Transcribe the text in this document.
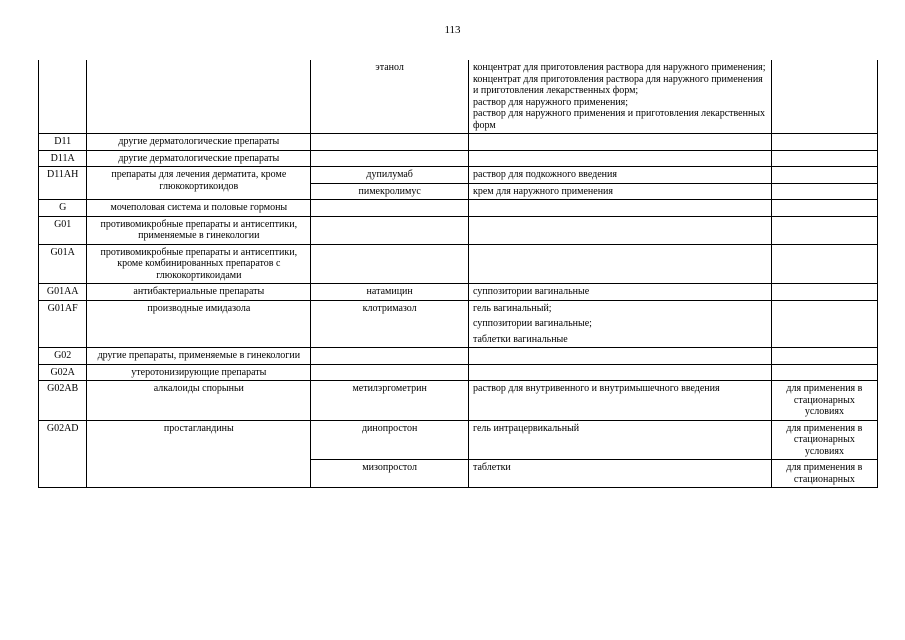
113
		этанол	концентрат для приготовления раствора для наружного применения;
концентрат для приготовления раствора для наружного применения и приготовления лекарственных форм;
раствор для наружного применения;
раствор для наружного применения и приготовления лекарственных форм	

D11	другие дерматологические препараты			
D11A	другие дерматологические препараты			
D11AH	препараты для лечения дерматита, кроме глюкокортикоидов	дупилумаб	раствор для подкожного введения	

		пимекролимус	крем для наружного применения	

G	мочеполовая система и половые гормоны			
G01	противомикробные препараты и антисептики, применяемые в гинекологии			
G01A	противомикробные препараты и антисептики, кроме комбинированных препаратов с глюкокортикоидами			
G01AA	антибактериальные препараты	натамицин	суппозитории вагинальные	

G01AF	производные имидазола	клотримазол	гель вагинальный;
суппозитории вагинальные;
таблетки вагинальные	

G02	другие препараты, применяемые в гинекологии			
G02A	утеротонизирующие препараты			
G02AB	алкалоиды спорыньи	метилэргометрин	раствор для внутривенного и внутримышечного введения	для применения в стационарных условиях
G02AD	простагландины	динопростон	гель интрацервикальный	для применения в стационарных условиях
		мизопростол	таблетки	для применения в стационарных
